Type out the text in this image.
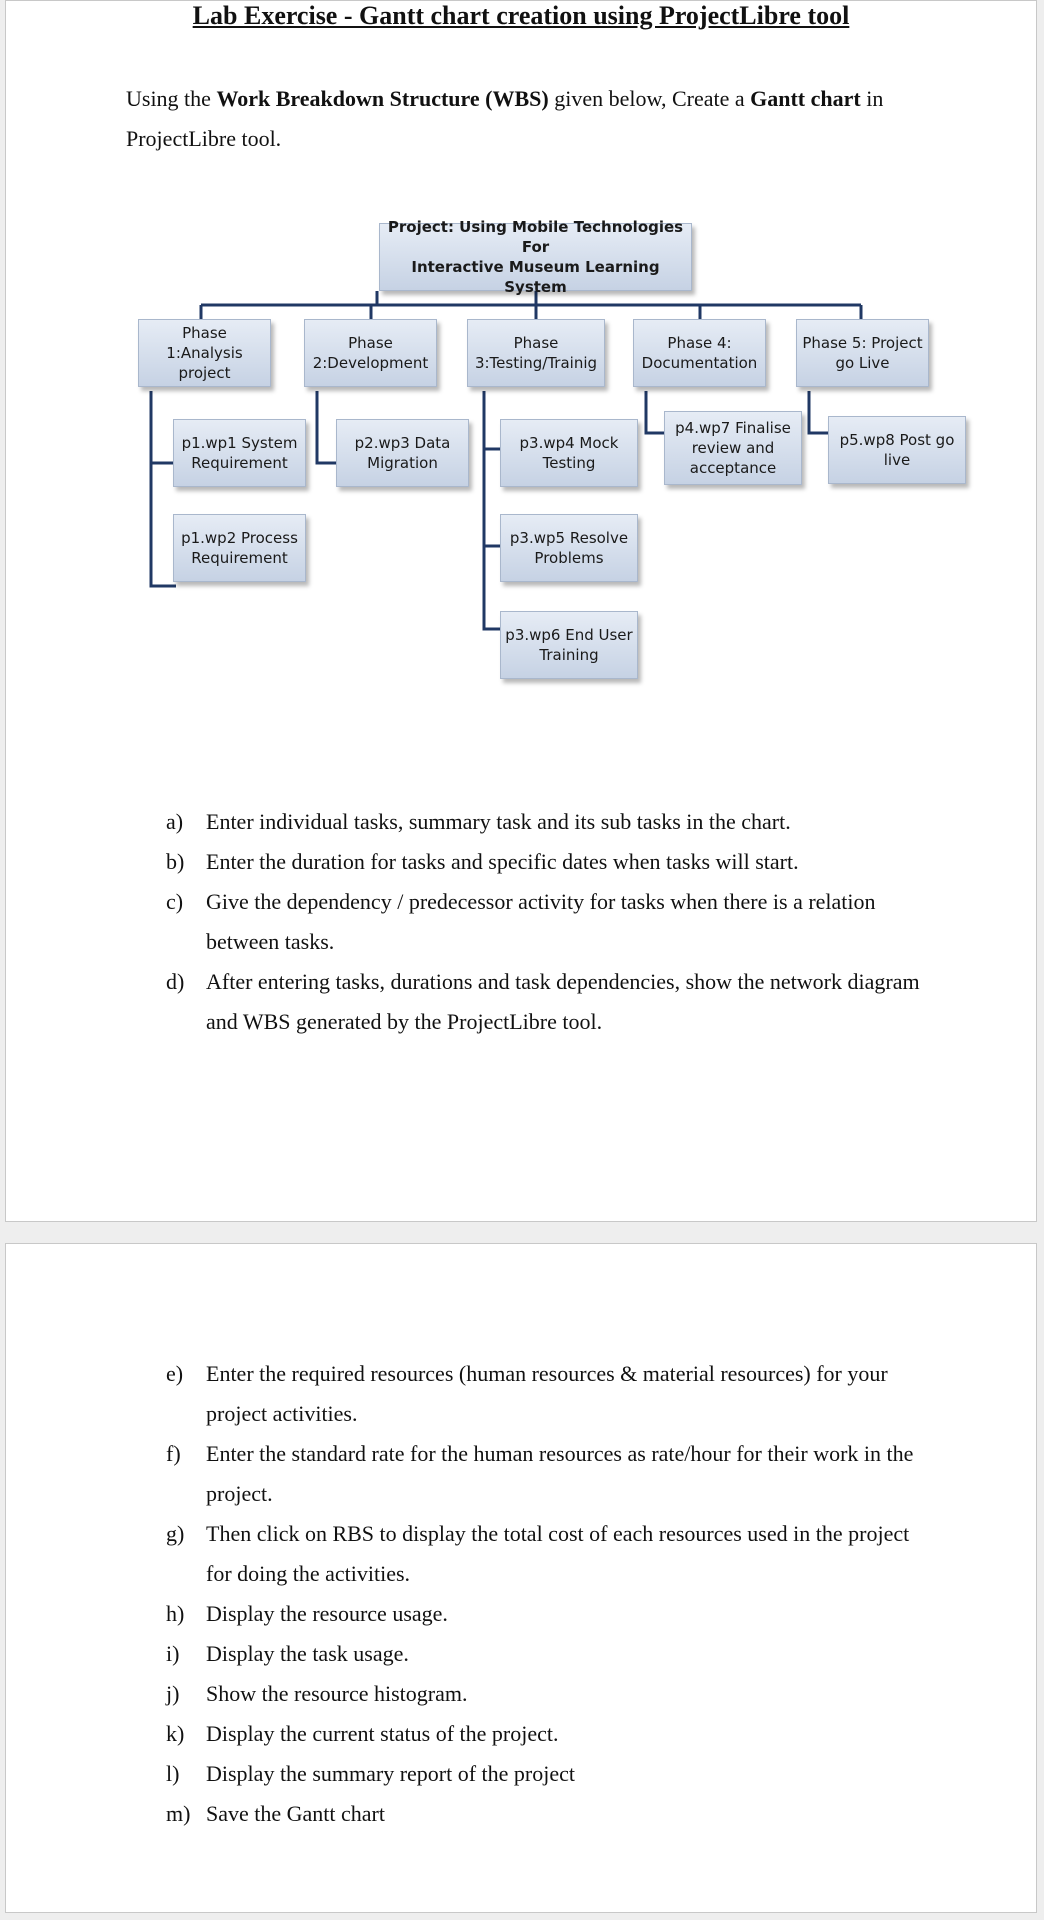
Lab Exercise - Gantt chart creation using ProjectLibre tool
Using the Work Breakdown Structure (WBS) given below, Create a Gantt chart in ProjectLibre tool.
Project: Using Mobile Technologies For
Interactive Museum Learning System
Phase 1:Analysis
project
Phase
2:Development
Phase
3:Testing/Trainig
Phase 4:
Documentation
Phase 5: Project
go Live
p1.wp1 System
Requirement
p1.wp2 Process
Requirement
p2.wp3 Data
Migration
p3.wp4 Mock
Testing
p3.wp5 Resolve
Problems
p3.wp6 End User
Training
p4.wp7 Finalise
review and
acceptance
p5.wp8 Post go
live
a) Enter individual tasks, summary task and its sub tasks in the chart.
b) Enter the duration for tasks and specific dates when tasks will start.
c) Give the dependency / predecessor activity for tasks when there is a relation between tasks.
d) After entering tasks, durations and task dependencies, show the network diagram and WBS generated by the ProjectLibre tool.
e) Enter the required resources (human resources & material resources) for your project activities.
f) Enter the standard rate for the human resources as rate/hour for their work in the project.
g) Then click on RBS to display the total cost of each resources used in the project for doing the activities.
h) Display the resource usage.
i) Display the task usage.
j) Show the resource histogram.
k) Display the current status of the project.
l) Display the summary report of the project
m) Save the Gantt chart
